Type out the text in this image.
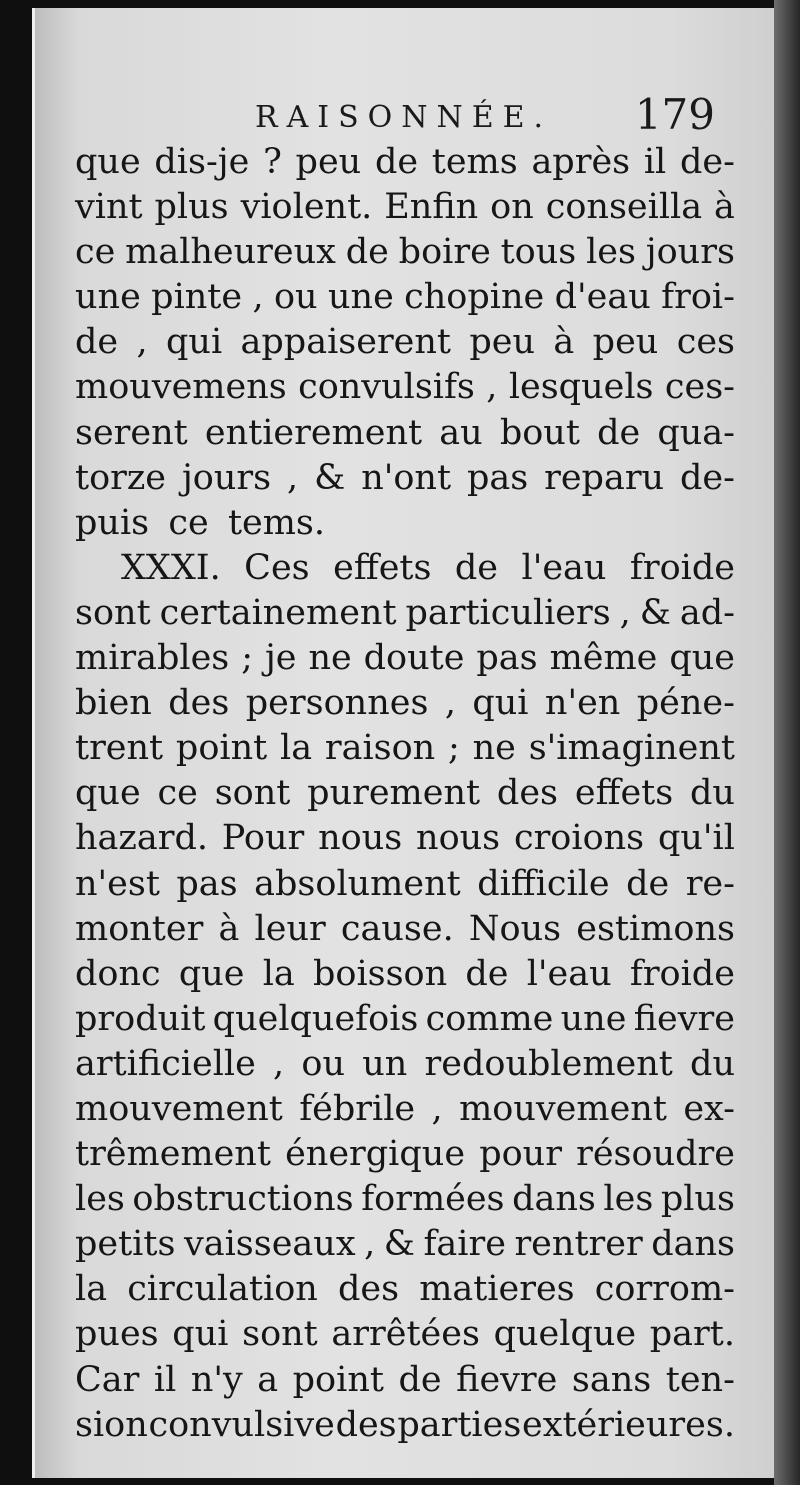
RAISONNÉE. 179
que dis-je ? peu de tems après il de-
vint plus violent. Enfin on conseilla à
ce malheureux de boire tous les jours
une pinte , ou une chopine d'eau froi-
de , qui appaiserent peu à peu ces
mouvemens convulsifs , lesquels ces-
serent entierement au bout de qua-
torze jours , & n'ont pas reparu de-
puis ce tems.
XXXI. Ces effets de l'eau froide
sont certainement particuliers , & ad-
mirables ; je ne doute pas même que
bien des personnes , qui n'en péne-
trent point la raison ; ne s'imaginent
que ce sont purement des effets du
hazard. Pour nous nous croions qu'il
n'est pas absolument difficile de re-
monter à leur cause. Nous estimons
donc que la boisson de l'eau froide
produit quelquefois comme une fievre
artificielle , ou un redoublement du
mouvement fébrile , mouvement ex-
trêmement énergique pour résoudre
les obstructions formées dans les plus
petits vaisseaux , & faire rentrer dans
la circulation des matieres corrom-
pues qui sont arrêtées quelque part.
Car il n'y a point de fievre sans ten-
sion convulsive des parties extérieures.
